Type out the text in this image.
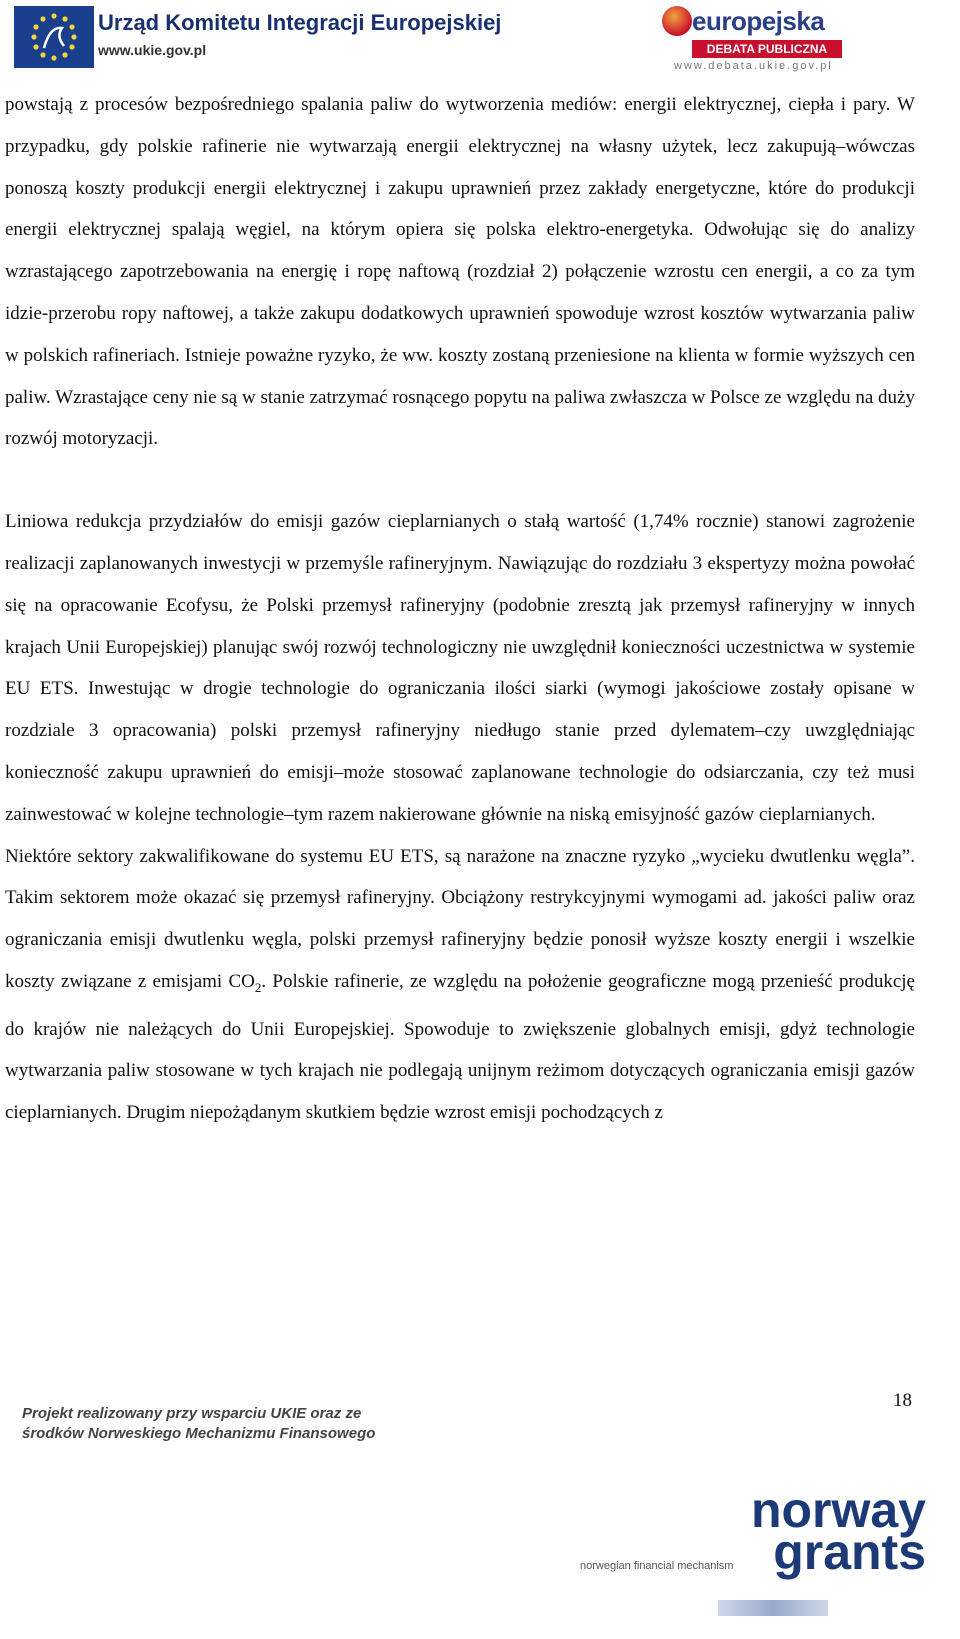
Urząd Komitetu Integracji Europejskiej
www.ukie.gov.pl
europejska
DEBATA PUBLICZNA
www.debata.ukie.gov.pl

powstają z procesów bezpośredniego spalania paliw do wytworzenia mediów: energii elektrycznej, ciepła i pary. W przypadku, gdy polskie rafinerie nie wytwarzają energii elektrycznej na własny użytek, lecz zakupują–wówczas ponoszą koszty produkcji energii elektrycznej i zakupu uprawnień przez zakłady energetyczne, które do produkcji energii elektrycznej spalają węgiel, na którym opiera się polska elektro-energetyka. Odwołując się do analizy wzrastającego zapotrzebowania na energię i ropę naftową (rozdział 2) połączenie wzrostu cen energii, a co za tym idzie-przerobu ropy naftowej, a także zakupu dodatkowych uprawnień spowoduje wzrost kosztów wytwarzania paliw w polskich rafineriach. Istnieje poważne ryzyko, że ww. koszty zostaną przeniesione na klienta w formie wyższych cen paliw. Wzrastające ceny nie są w stanie zatrzymać rosnącego popytu na paliwa zwłaszcza w Polsce ze względu na duży rozwój motoryzacji.

Liniowa redukcja przydziałów do emisji gazów cieplarnianych o stałą wartość (1,74% rocznie) stanowi zagrożenie realizacji zaplanowanych inwestycji w przemyśle rafineryjnym. Nawiązując do rozdziału 3 ekspertyzy można powołać się na opracowanie Ecofysu, że Polski przemysł rafineryjny (podobnie zresztą jak przemysł rafineryjny w innych krajach Unii Europejskiej) planując swój rozwój technologiczny nie uwzględnił konieczności uczestnictwa w systemie EU ETS. Inwestując w drogie technologie do ograniczania ilości siarki (wymogi jakościowe zostały opisane w rozdziale 3 opracowania) polski przemysł rafineryjny niedługo stanie przed dylematem–czy uwzględniając konieczność zakupu uprawnień do emisji–może stosować zaplanowane technologie do odsiarczania, czy też musi zainwestować w kolejne technologie–tym razem nakierowane głównie na niską emisyjność gazów cieplarnianych.

Niektóre sektory zakwalifikowane do systemu EU ETS, są narażone na znaczne ryzyko „wycieku dwutlenku węgla”. Takim sektorem może okazać się przemysł rafineryjny. Obciążony restrykcyjnymi wymogami ad. jakości paliw oraz ograniczania emisji dwutlenku węgla, polski przemysł rafineryjny będzie ponosił wyższe koszty energii i wszelkie koszty związane z emisjami $CO_2$. Polskie rafinerie, ze względu na położenie geograficzne mogą przenieść produkcję do krajów nie należących do Unii Europejskiej. Spowoduje to zwiększenie globalnych emisji, gdyż technologie wytwarzania paliw stosowane w tych krajach nie podlegają unijnym reżimom dotyczących ograniczania emisji gazów cieplarnianych. Drugim niepożądanym skutkiem będzie wzrost emisji pochodzących z

18
Projekt realizowany przy wsparciu UKIE oraz ze
środków Norweskiego Mechanizmu Finansowego
norway
grants
norwegian financial mechanism
